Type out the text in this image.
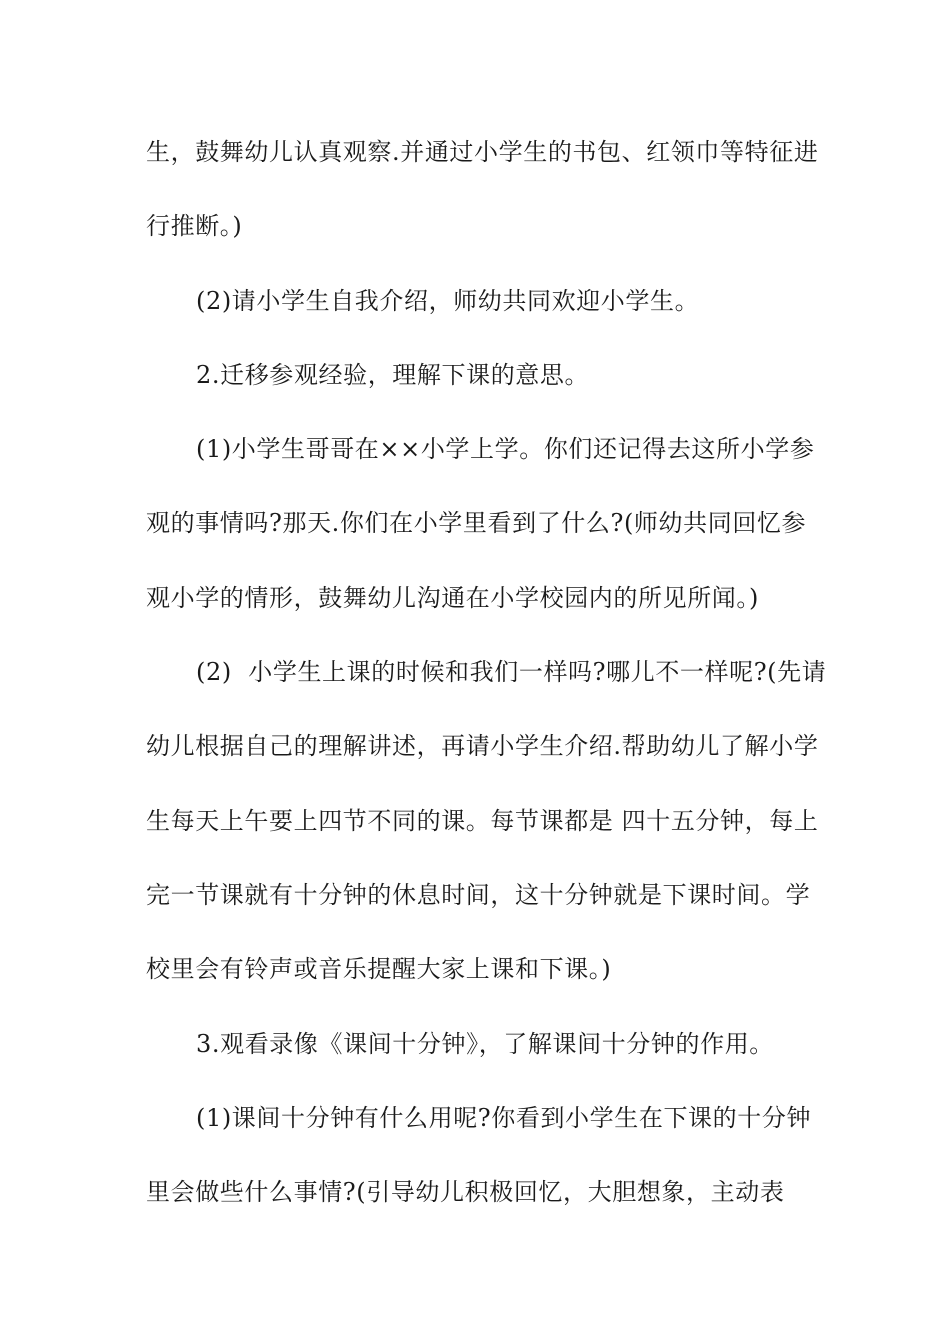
生，鼓舞幼儿认真观察.并通过小学生的书包、红领巾等特征进
行推断。)
(2)请小学生自我介绍，师幼共同欢迎小学生。
2.迁移参观经验，理解下课的意思。
(1)小学生哥哥在××小学上学。你们还记得去这所小学参
观的事情吗?那天.你们在小学里看到了什么?(师幼共同回忆参
观小学的情形，鼓舞幼儿沟通在小学校园内的所见所闻。)
(2)  小学生上课的时候和我们一样吗?哪儿不一样呢?(先请
幼儿根据自己的理解讲述，再请小学生介绍.帮助幼儿了解小学
生每天上午要上四节不同的课。每节课都是 四十五分钟，每上
完一节课就有十分钟的休息时间，这十分钟就是下课时间。学
校里会有铃声或音乐提醒大家上课和下课。)
3.观看录像《课间十分钟》，了解课间十分钟的作用。
(1)课间十分钟有什么用呢?你看到小学生在下课的十分钟
里会做些什么事情?(引导幼儿积极回忆，大胆想象，主动表
